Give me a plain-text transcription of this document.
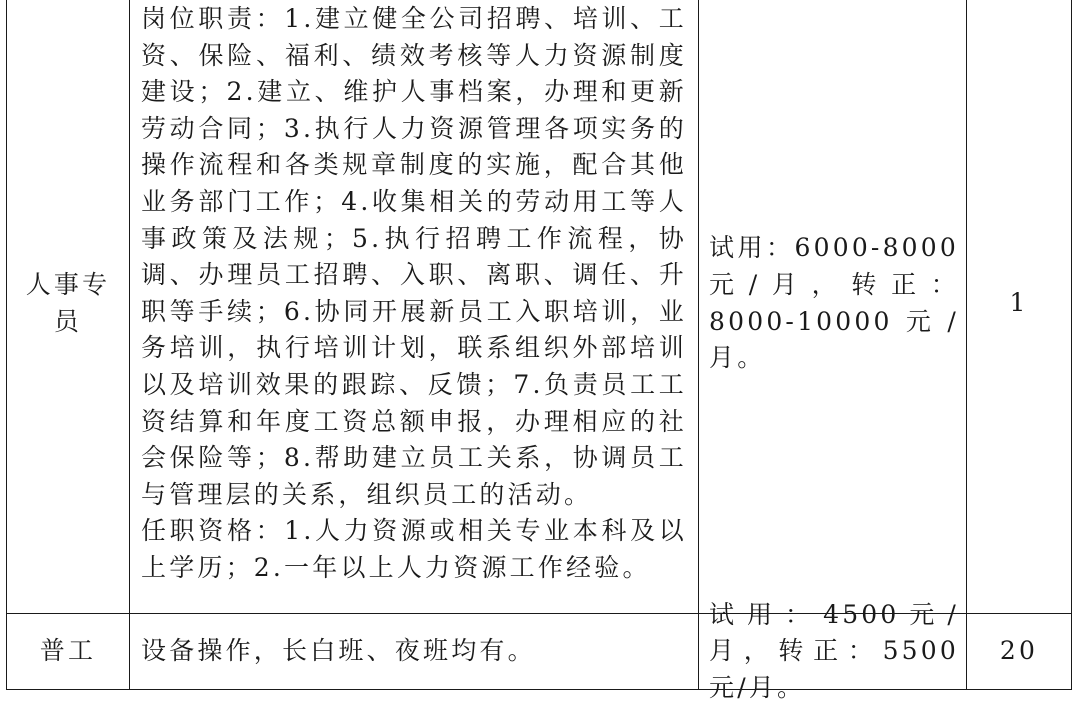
人事专员

岗位职责：1.建立健全公司招聘、培训、工资、保险、福利、绩效考核等人力资源制度建设；2.建立、维护人事档案，办理和更新劳动合同；3.执行人力资源管理各项实务的操作流程和各类规章制度的实施，配合其他业务部门工作；4.收集相关的劳动用工等人事政策及法规；5.执行招聘工作流程，协调、办理员工招聘、入职、离职、调任、升职等手续；6.协同开展新员工入职培训，业务培训，执行培训计划，联系组织外部培训以及培训效果的跟踪、反馈；7.负责员工工资结算和年度工资总额申报，办理相应的社会保险等；8.帮助建立员工关系，协调员工与管理层的关系，组织员工的活动。

任职资格：1.人力资源或相关专业本科及以上学历；2.一年以上人力资源工作经验。

试用：6000-8000元/月，转正：8000-10000元/月。
1
普工 设备操作，长白班、夜班均有。
试用：4500元/月，转正：5500元/月。
20
